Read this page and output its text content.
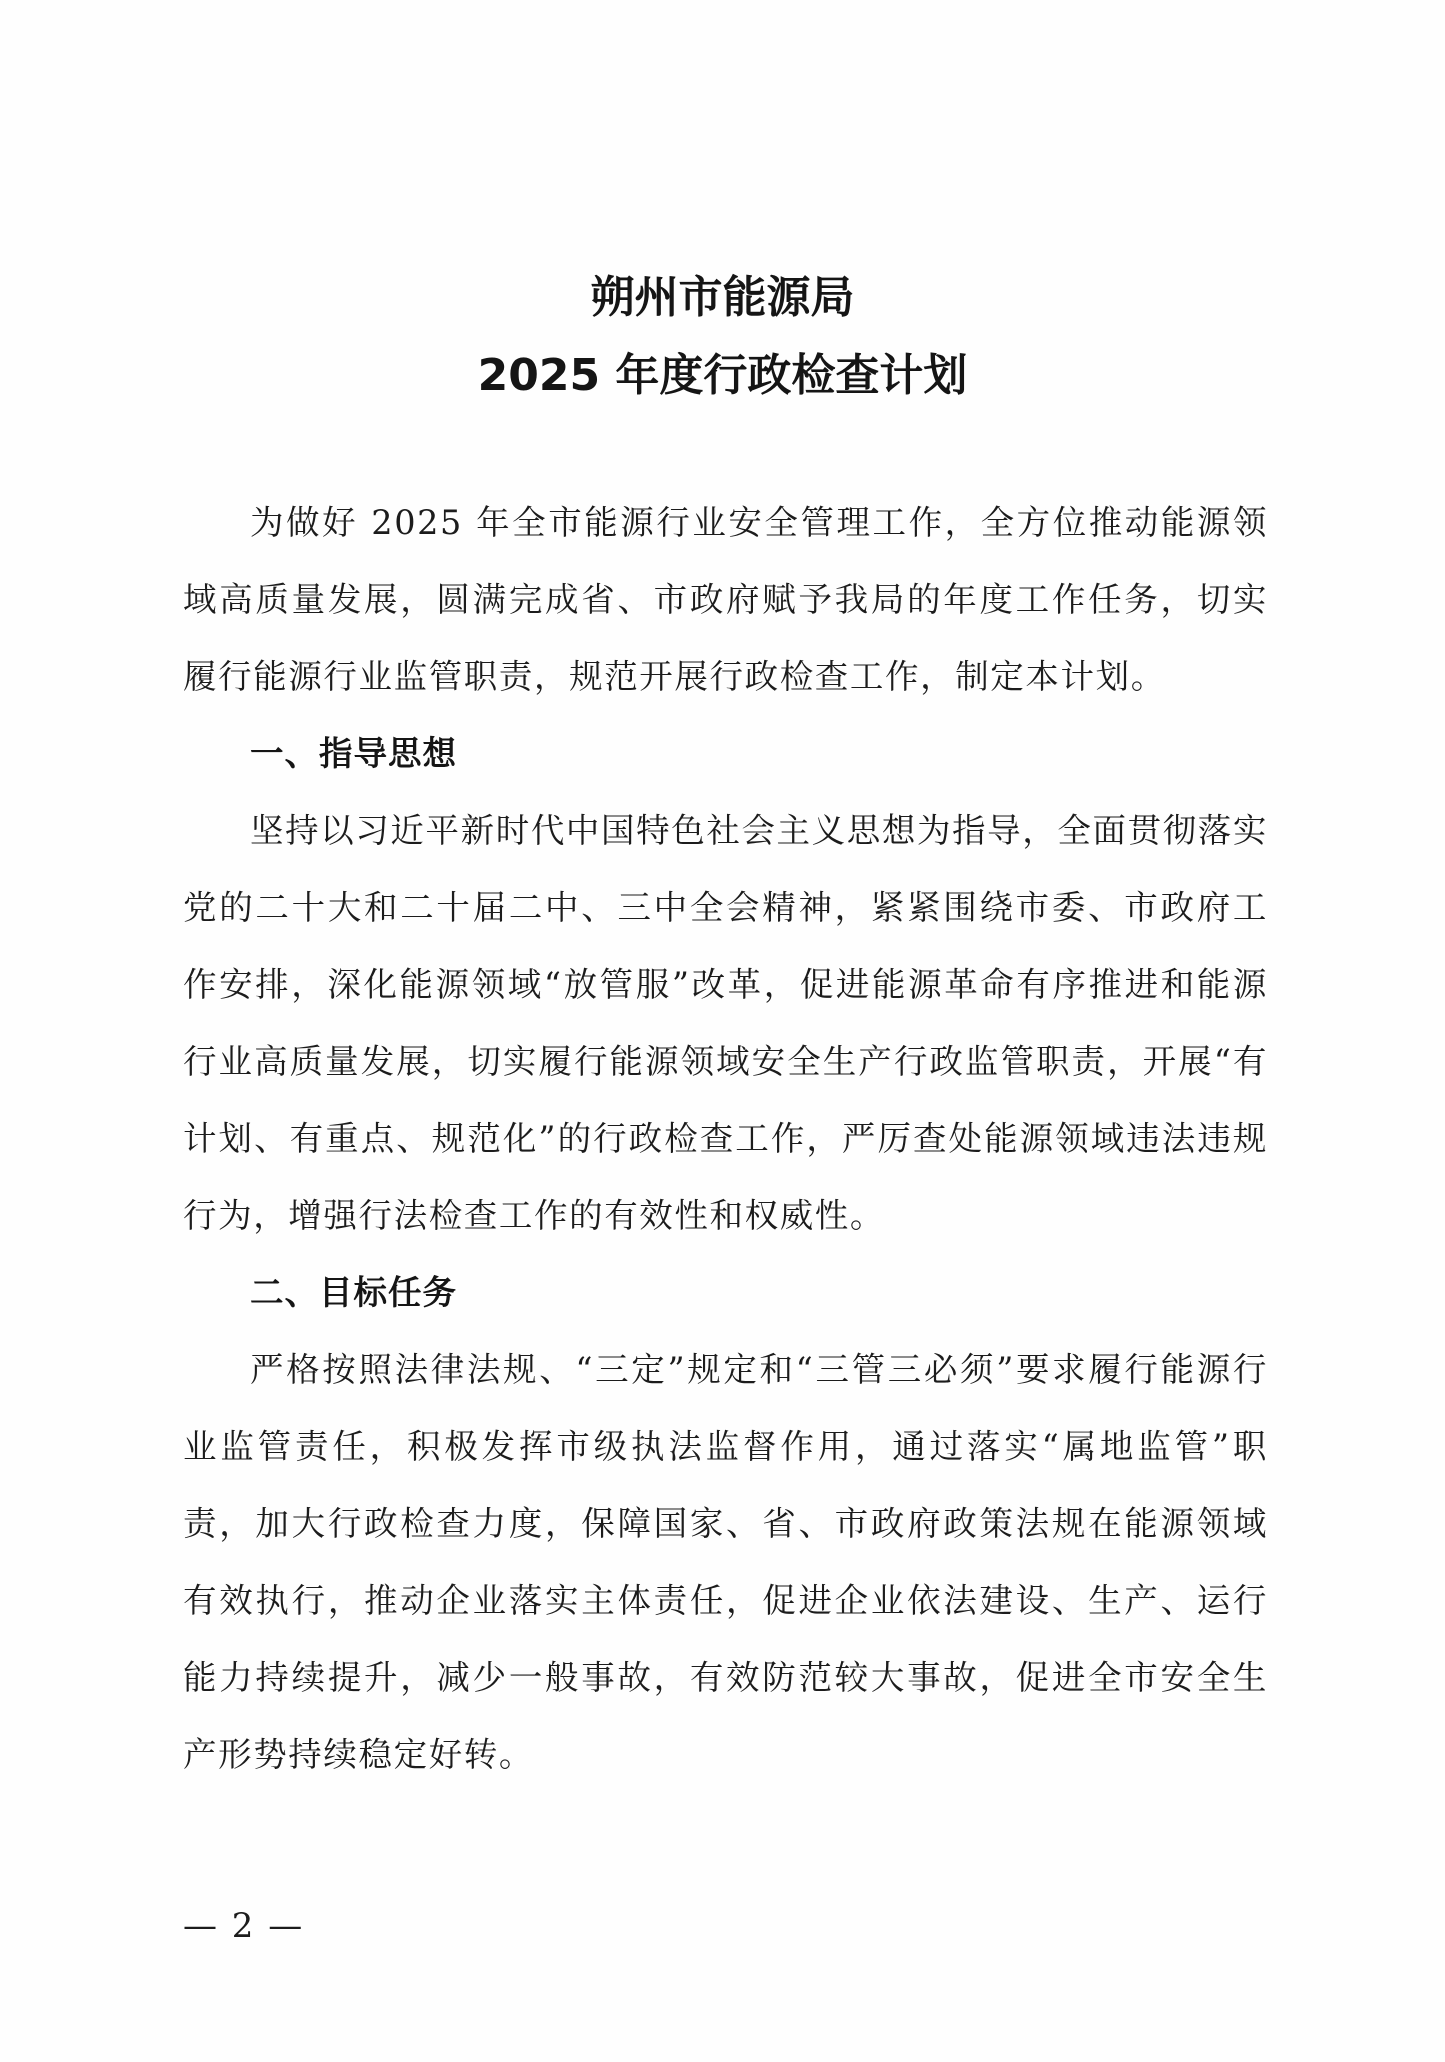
朔州市能源局
2025 年度行政检查计划

为做好 2025 年全市能源行业安全管理工作，全方位推动能源领域高质量发展，圆满完成省、市政府赋予我局的年度工作任务，切实履行能源行业监管职责，规范开展行政检查工作，制定本计划。

一、指导思想

坚持以习近平新时代中国特色社会主义思想为指导，全面贯彻落实党的二十大和二十届二中、三中全会精神，紧紧围绕市委、市政府工作安排，深化能源领域“放管服”改革，促进能源革命有序推进和能源行业高质量发展，切实履行能源领域安全生产行政监管职责，开展“有计划、有重点、规范化”的行政检查工作，严厉查处能源领域违法违规行为，增强行法检查工作的有效性和权威性。

二、目标任务

严格按照法律法规、“三定”规定和“三管三必须”要求履行能源行业监管责任，积极发挥市级执法监督作用，通过落实“属地监管”职责，加大行政检查力度，保障国家、省、市政府政策法规在能源领域有效执行，推动企业落实主体责任，促进企业依法建设、生产、运行能力持续提升，减少一般事故，有效防范较大事故，促进全市安全生产形势持续稳定好转。

— 2 —
